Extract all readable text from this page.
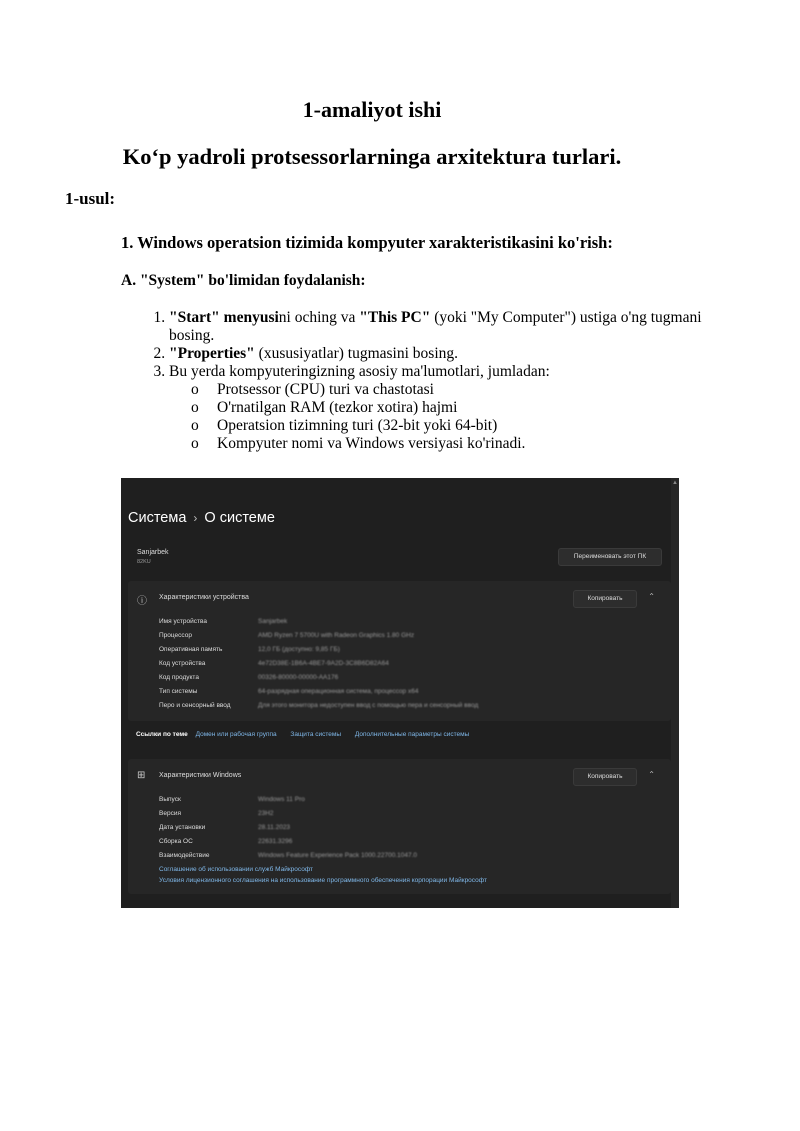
1-amaliyot ishi
Ko‘p yadroli protsessorlarninga arxitektura turlari.
1-usul:
1. Windows operatsion tizimida kompyuter xarakteristikasini ko'rish:
A. "System" bo'limidan foydalanish:
1. "Start" menyusini oching va "This PC" (yoki "My Computer") ustiga o'ng tugmani bosing.
2. "Properties" (xususiyatlar) tugmasini bosing.
3. Bu yerda kompyuteringizning asosiy ma'lumotlari, jumladan:
o Protsessor (CPU) turi va chastotasi
o O'rnatilgan RAM (tezkor xotira) hajmi
o Operatsion tizimning turi (32-bit yoki 64-bit)
o Kompyuter nomi va Windows versiyasi ko'rinadi.
▲
Система › О системе
Sanjarbek
82KU
Переименовать этот ПК
ⓘ Характеристики устройства	Копировать	⌃
Имя устройства	Sanjarbek
Процессор	AMD Ryzen 7 5700U with Radeon Graphics 1.80 GHz
Оперативная память	12,0 ГБ (доступно: 9,85 ГБ)
Код устройства	4e72D38E-1B6A-4BE7-9A2D-3C8B6D82A64
Код продукта	00326-80000-00000-AA176
Тип системы	64-разрядная операционная система, процессор x64
Перо и сенсорный ввод	Для этого монитора недоступен ввод с помощью пера и сенсорный ввод
Ссылки по теме Домен или рабочая группа Защита системы Дополнительные параметры системы
⊞ Характеристики Windows	Копировать	⌃
Выпуск	Windows 11 Pro
Версия	23H2
Дата установки	28.11.2023
Сборка ОС	22631.3296
Взаимодействие	Windows Feature Experience Pack 1000.22700.1047.0
Соглашение об использовании служб Майкрософт
Условия лицензионного соглашения на использование программного обеспечения корпорации Майкрософт
